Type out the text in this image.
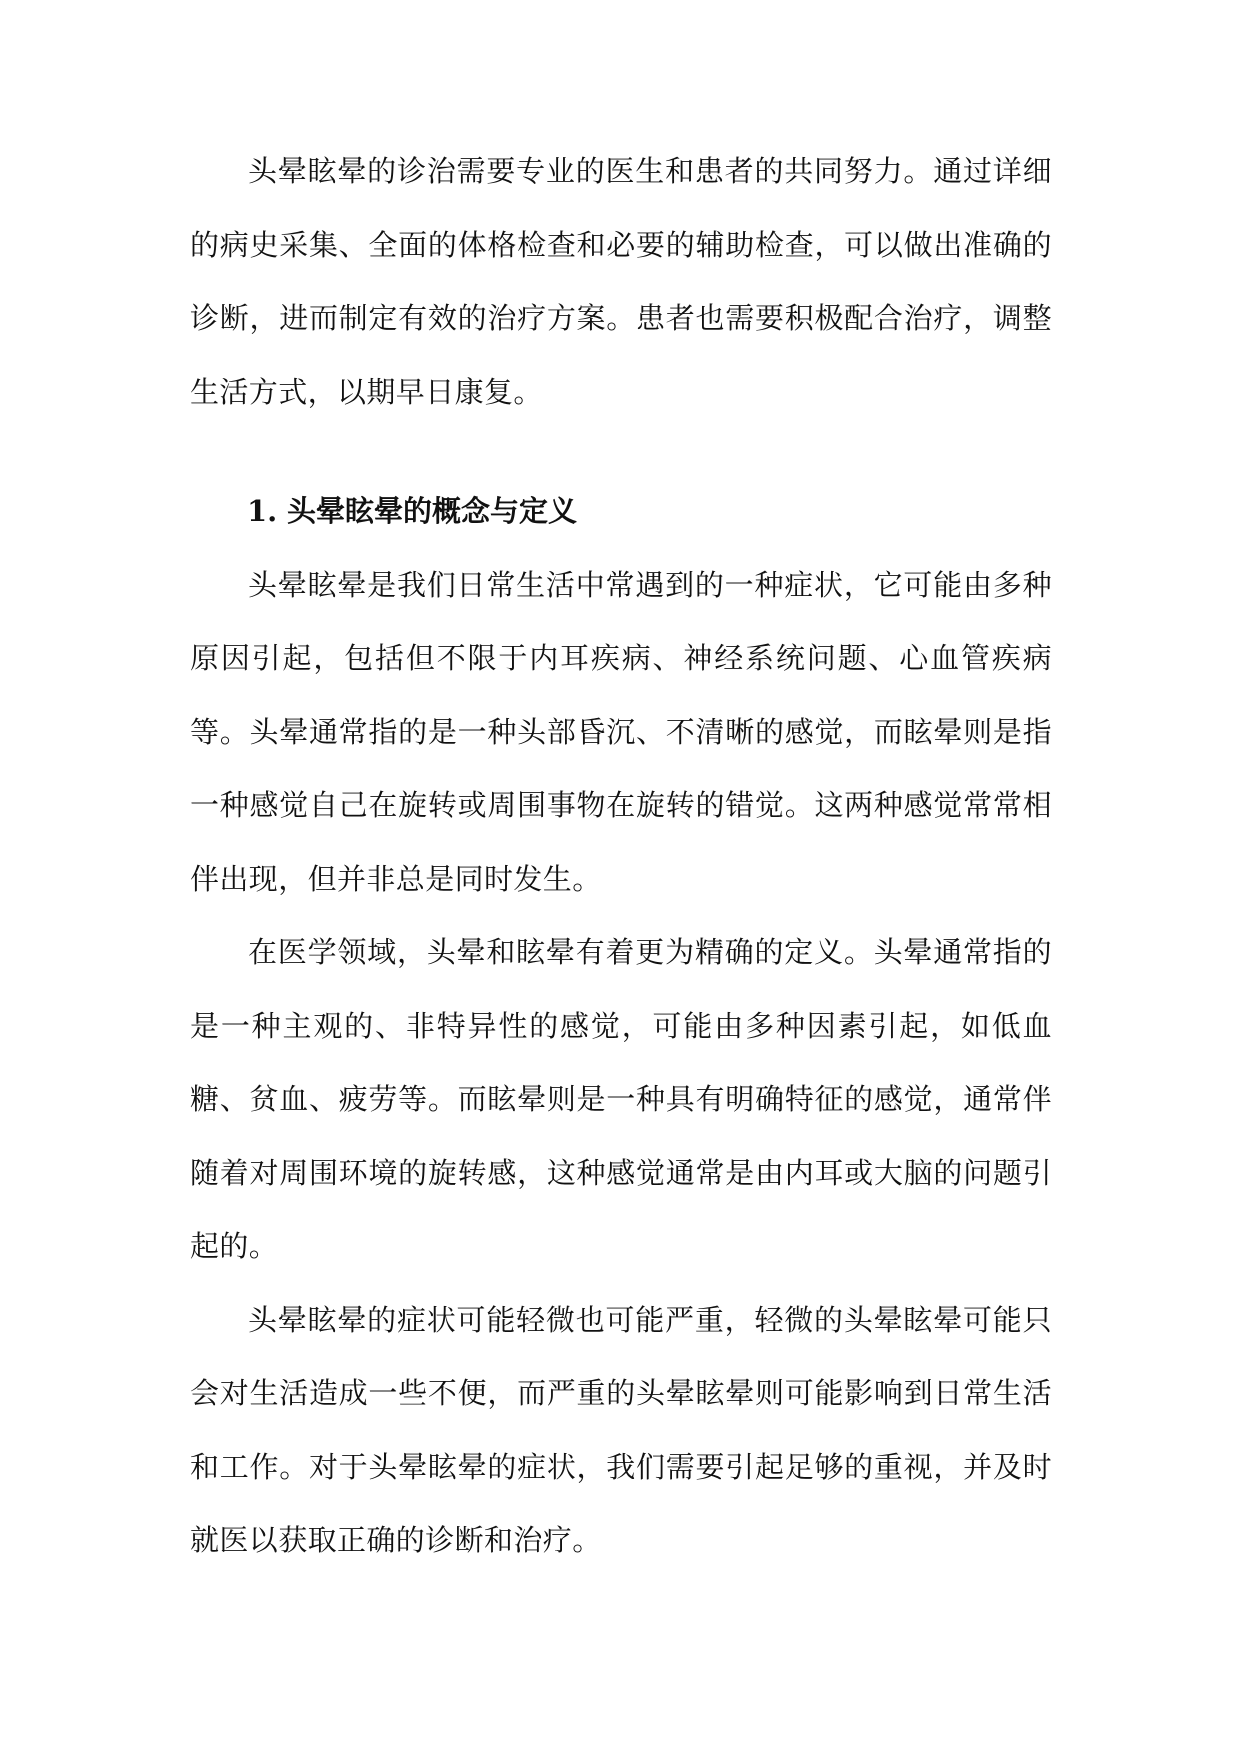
头晕眩晕的诊治需要专业的医生和患者的共同努力。通过详细的病史采集、全面的体格检查和必要的辅助检查，可以做出准确的诊断，进而制定有效的治疗方案。患者也需要积极配合治疗，调整生活方式，以期早日康复。

1. 头晕眩晕的概念与定义

头晕眩晕是我们日常生活中常遇到的一种症状，它可能由多种原因引起，包括但不限于内耳疾病、神经系统问题、心血管疾病等。头晕通常指的是一种头部昏沉、不清晰的感觉，而眩晕则是指一种感觉自己在旋转或周围事物在旋转的错觉。这两种感觉常常相伴出现，但并非总是同时发生。

在医学领域，头晕和眩晕有着更为精确的定义。头晕通常指的是一种主观的、非特异性的感觉，可能由多种因素引起，如低血糖、贫血、疲劳等。而眩晕则是一种具有明确特征的感觉，通常伴随着对周围环境的旋转感，这种感觉通常是由内耳或大脑的问题引起的。

头晕眩晕的症状可能轻微也可能严重，轻微的头晕眩晕可能只会对生活造成一些不便，而严重的头晕眩晕则可能影响到日常生活和工作。对于头晕眩晕的症状，我们需要引起足够的重视，并及时就医以获取正确的诊断和治疗。
